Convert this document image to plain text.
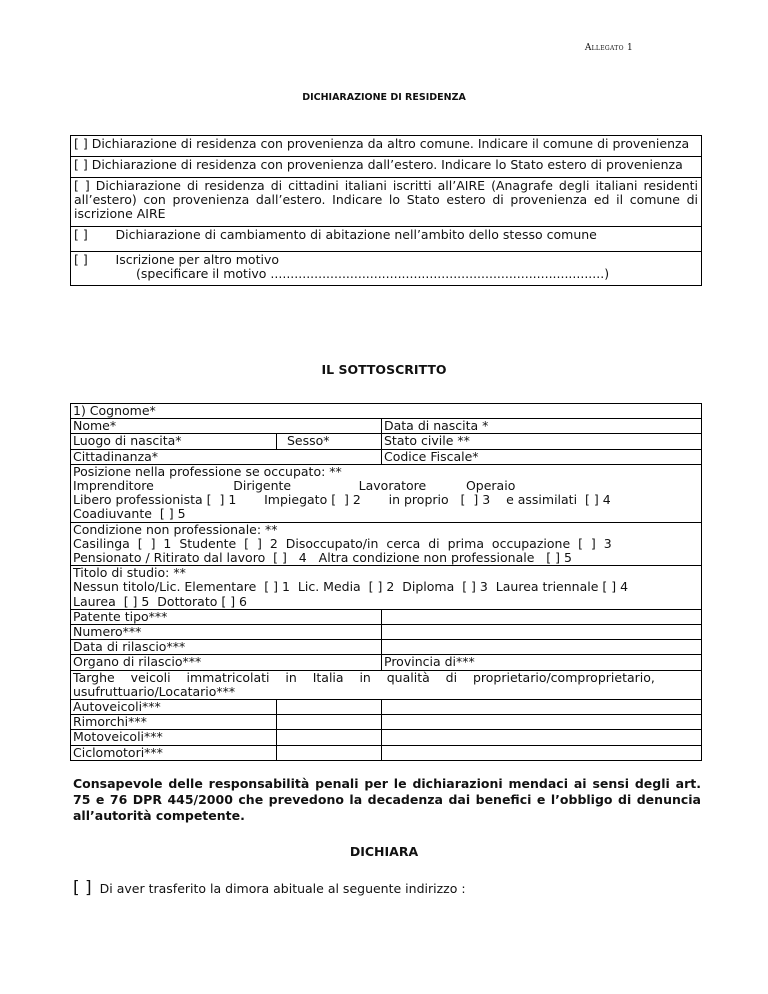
Allegato 1
DICHIARAZIONE DI RESIDENZA
[ ] Dichiarazione di residenza con provenienza da altro comune. Indicare il comune di provenienza
[ ] Dichiarazione di residenza con provenienza dall’estero. Indicare lo Stato estero di provenienza
[ ] Dichiarazione di residenza di cittadini italiani iscritti all’AIRE (Anagrafe degli italiani residenti all’estero) con provenienza dall’estero. Indicare lo Stato estero di provenienza ed il comune di iscrizione AIRE
[ ]       Dichiarazione di cambiamento di abitazione nell’ambito dello stesso comune

[ ]       Iscrizione per altro motivo
(specificare il motivo ....................................................................................)
IL SOTTOSCRITTO
1) Cognome*		
Nome*		Data di nascita *
Luogo di nascita*	Sesso*	Stato civile **
Cittadinanza*		Codice Fiscale*

Posizione nella professione se occupato: **
Imprenditore                    Dirigente                 Lavoratore          Operaio
Libero professionista [  ] 1       Impiegato [  ] 2       in proprio   [  ] 3    e assimilati  [ ] 4
Coadiuvante  [ ] 5		

Condizione non professionale: **
Casilinga  [  ]  1  Studente  [  ]  2  Disoccupato/in  cerca  di  prima  occupazione  [  ]  3
Pensionato / Ritirato dal lavoro  [ ]   4   Altra condizione non professionale   [ ] 5		

Titolo di studio: **
Nessun titolo/Lic. Elementare  [ ] 1  Lic. Media  [ ] 2  Diploma  [ ] 3  Laurea triennale [ ] 4
Laurea  [ ] 5  Dottorato [ ] 6		

Patente tipo***		
Numero***		
Data di rilascio***		
Organo di rilascio***		Provincia di***

Targhe    veicoli    immatricolati    in    Italia    in    qualità    di    proprietario/comproprietario,
usufruttuario/Locatario***		

Autoveicoli***		
Rimorchi***		
Motoveicoli***		
Ciclomotori***		
Consapevole delle responsabilità penali per le dichiarazioni mendaci ai sensi degli art. 75 e 76 DPR 445/2000 che prevedono la decadenza dai benefici e l’obbligo di denuncia all’autorità competente.
DICHIARA
[ ] Di aver trasferito la dimora abituale al seguente indirizzo :
